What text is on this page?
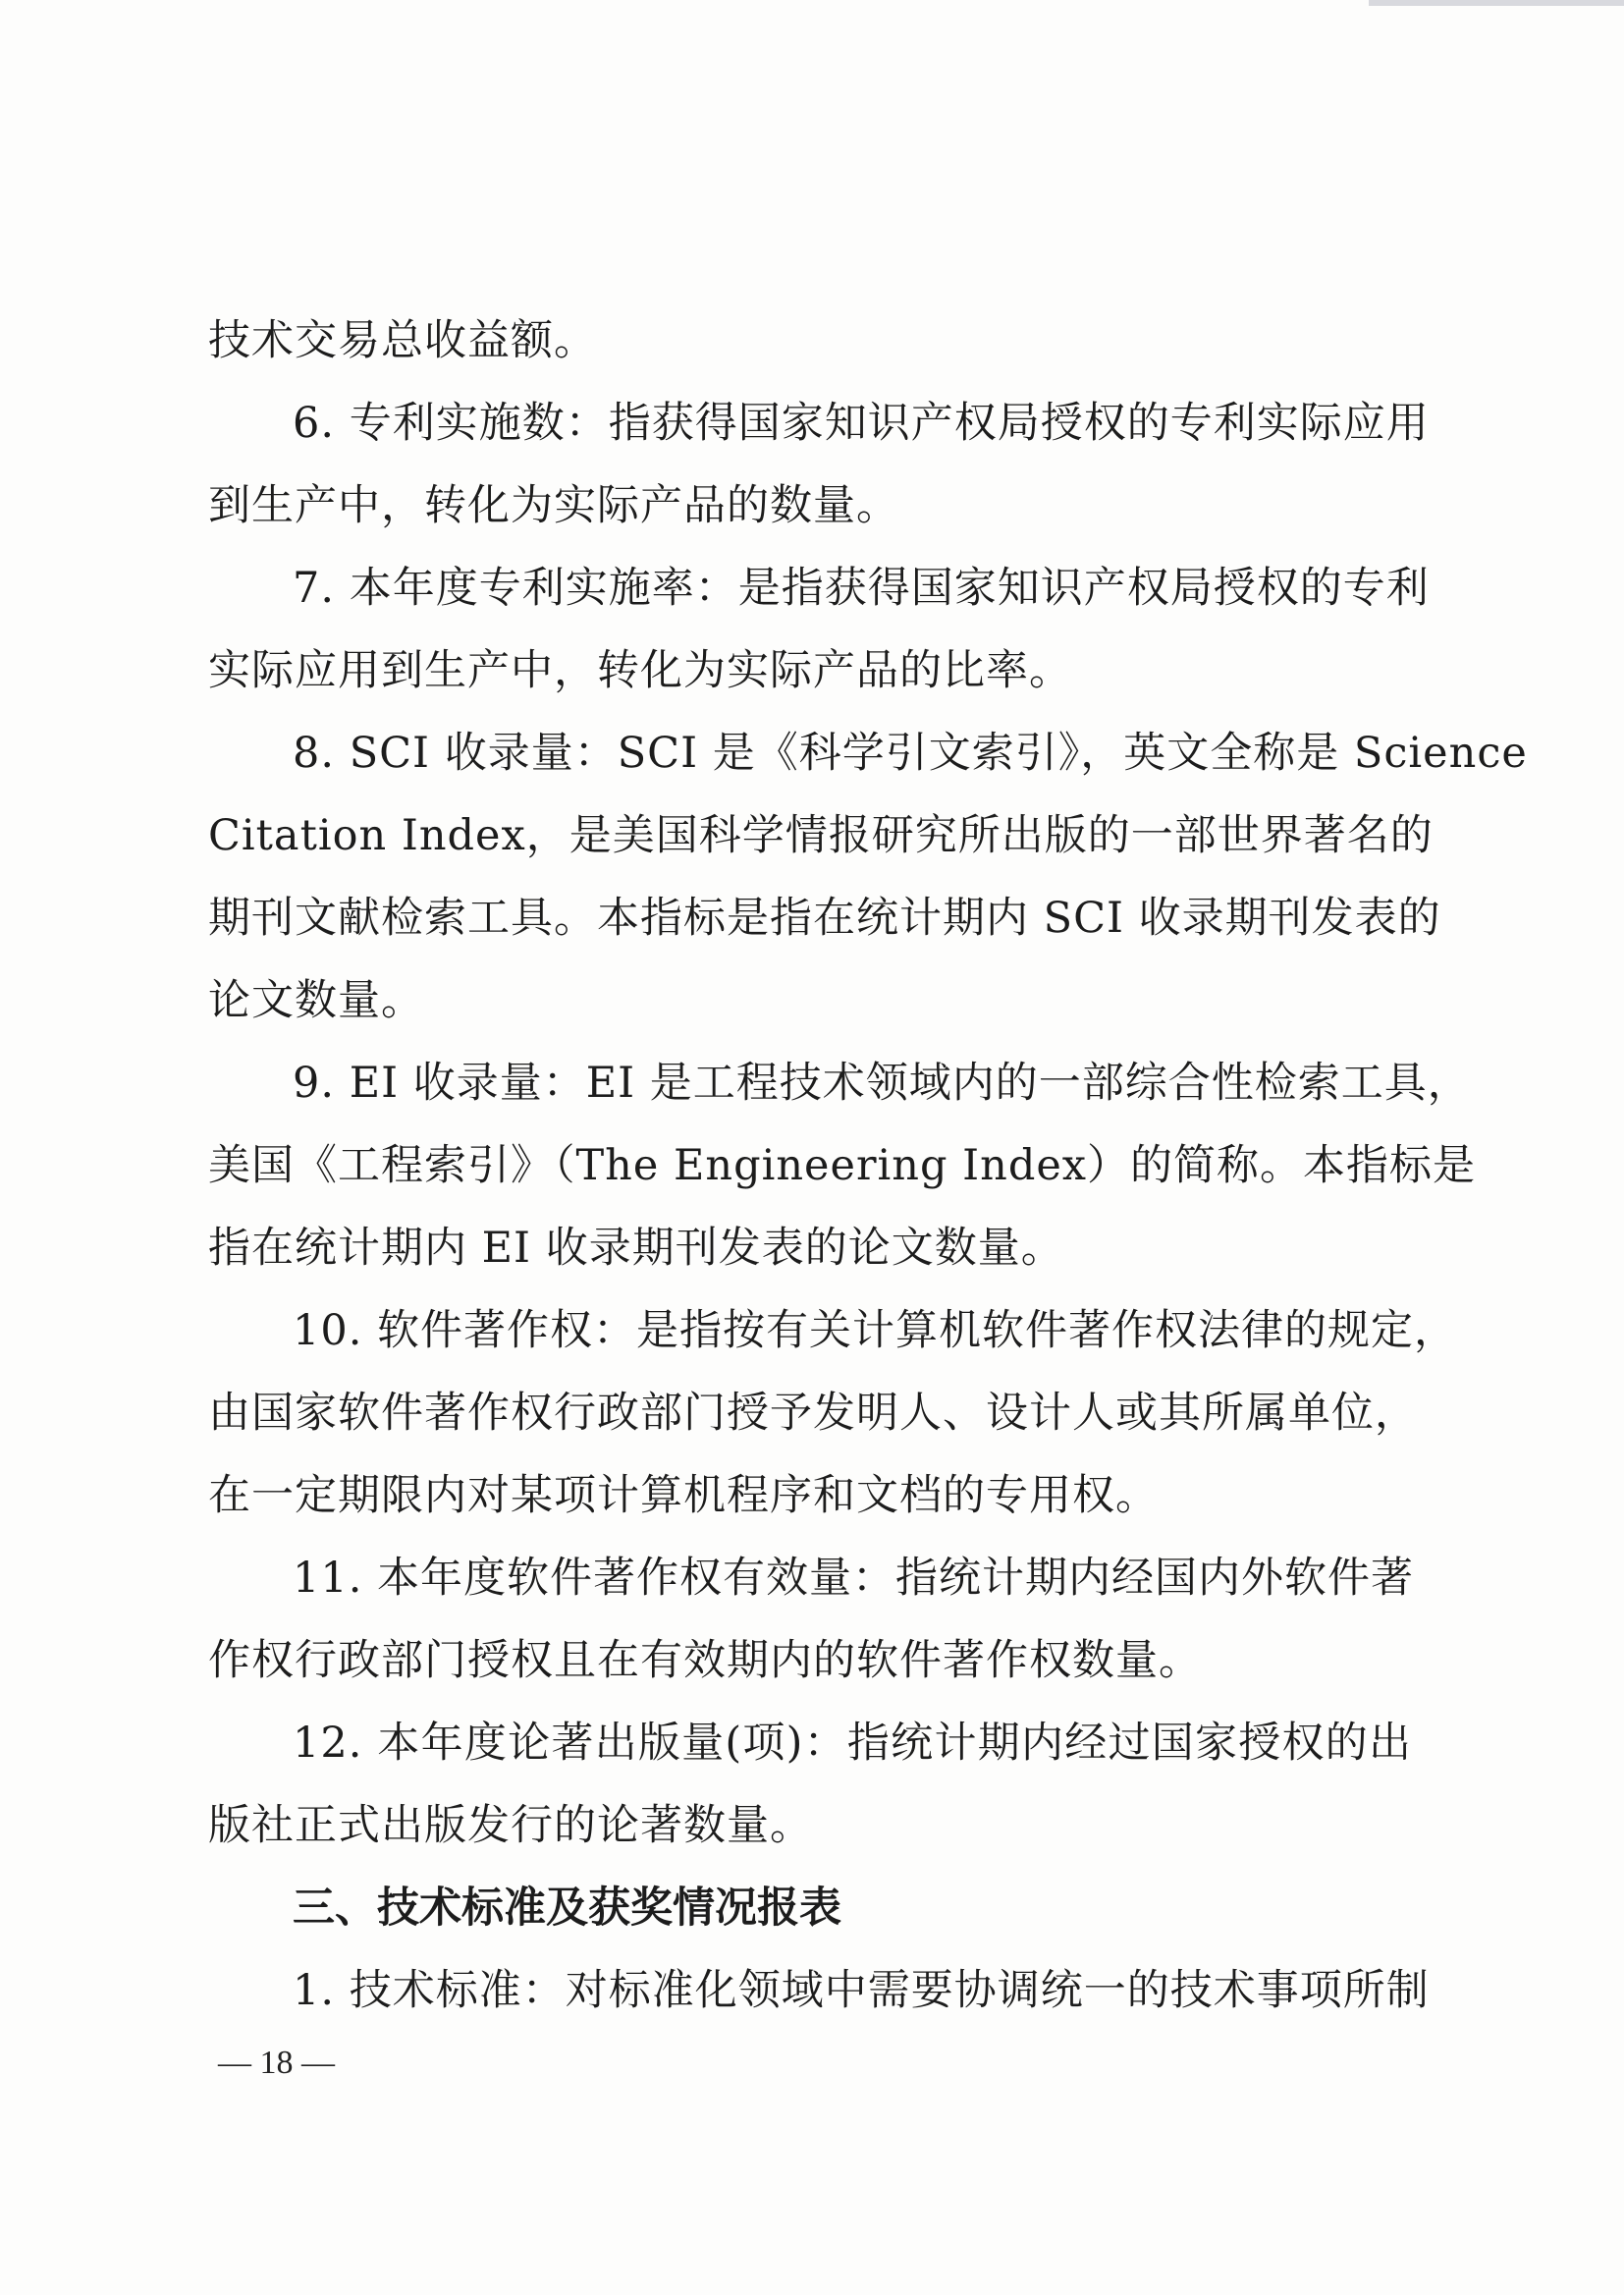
技术交易总收益额。
6. 专利实施数：指获得国家知识产权局授权的专利实际应用
到生产中，转化为实际产品的数量。
7. 本年度专利实施率：是指获得国家知识产权局授权的专利
实际应用到生产中，转化为实际产品的比率。
8. SCI 收录量：SCI 是《科学引文索引》，英文全称是 Science
Citation Index，是美国科学情报研究所出版的一部世界著名的
期刊文献检索工具。本指标是指在统计期内 SCI 收录期刊发表的
论文数量。
9. EI 收录量：EI 是工程技术领域内的一部综合性检索工具，
美国《工程索引》（The Engineering Index）的简称。本指标是
指在统计期内 EI 收录期刊发表的论文数量。
10. 软件著作权：是指按有关计算机软件著作权法律的规定，
由国家软件著作权行政部门授予发明人、设计人或其所属单位，
在一定期限内对某项计算机程序和文档的专用权。
11. 本年度软件著作权有效量：指统计期内经国内外软件著
作权行政部门授权且在有效期内的软件著作权数量。
12. 本年度论著出版量(项)：指统计期内经过国家授权的出
版社正式出版发行的论著数量。
三、技术标准及获奖情况报表
1. 技术标准：对标准化领域中需要协调统一的技术事项所制
— 18 —
